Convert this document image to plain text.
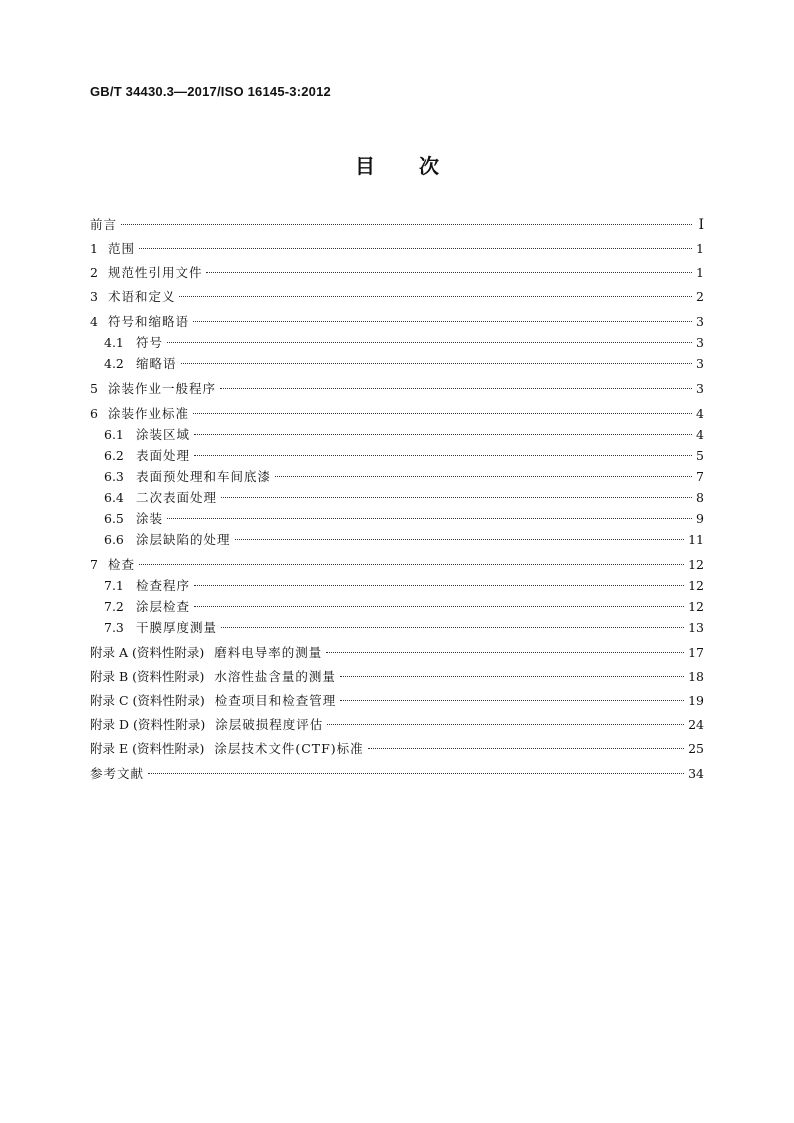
GB/T 34430.3—2017/ISO 16145-3:2012
目 次
前言	I
1 范围	1
2 规范性引用文件	1
3 术语和定义	2
4 符号和缩略语	3
4.1 符号	3
4.2 缩略语	3
5 涂装作业一般程序	3
6 涂装作业标准	4
6.1 涂装区域	4
6.2 表面处理	5
6.3 表面预处理和车间底漆	7
6.4 二次表面处理	8
6.5 涂装	9
6.6 涂层缺陷的处理	11
7 检查	12
7.1 检查程序	12
7.2 涂层检查	12
7.3 干膜厚度测量	13
附录 A (资料性附录) 磨料电导率的测量	17
附录 B (资料性附录) 水溶性盐含量的测量	18
附录 C (资料性附录) 检查项目和检查管理	19
附录 D (资料性附录) 涂层破损程度评估	24
附录 E (资料性附录) 涂层技术文件(CTF)标准	25
参考文献	34
